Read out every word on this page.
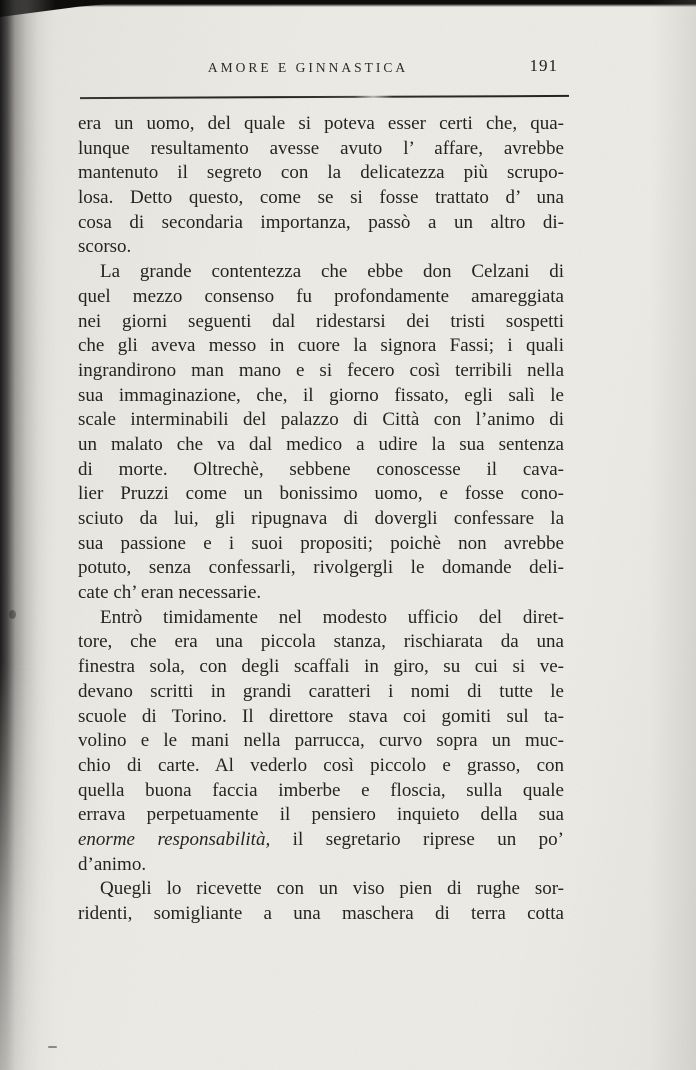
AMORE E GINNASTICA	191
era un uomo, del quale si poteva esser certi che, qua-
lunque resultamento avesse avuto l’ affare, avrebbe
mantenuto il segreto con la delicatezza più scrupo-
losa. Detto questo, come se si fosse trattato d’ una
cosa di secondaria importanza, passò a un altro di-
scorso.
La grande contentezza che ebbe don Celzani di
quel mezzo consenso fu profondamente amareggiata
nei giorni seguenti dal ridestarsi dei tristi sospetti
che gli aveva messo in cuore la signora Fassi; i quali
ingrandirono man mano e si fecero così terribili nella
sua immaginazione, che, il giorno fissato, egli salì le
scale interminabili del palazzo di Città con l’animo di
un malato che va dal medico a udire la sua sentenza
di morte. Oltrechè, sebbene conoscesse il cava-
lier Pruzzi come un bonissimo uomo, e fosse cono-
sciuto da lui, gli ripugnava di dovergli confessare la
sua passione e i suoi propositi; poichè non avrebbe
potuto, senza confessarli, rivolgergli le domande deli-
cate ch’ eran necessarie.
Entrò timidamente nel modesto ufficio del diret-
tore, che era una piccola stanza, rischiarata da una
finestra sola, con degli scaffali in giro, su cui si ve-
devano scritti in grandi caratteri i nomi di tutte le
scuole di Torino. Il direttore stava coi gomiti sul ta-
volino e le mani nella parrucca, curvo sopra un muc-
chio di carte. Al vederlo così piccolo e grasso, con
quella buona faccia imberbe e floscia, sulla quale
errava perpetuamente il pensiero inquieto della sua
enorme responsabilità, il segretario riprese un po’
d’animo.
Quegli lo ricevette con un viso pien di rughe sor-
ridenti, somigliante a una maschera di terra cotta
